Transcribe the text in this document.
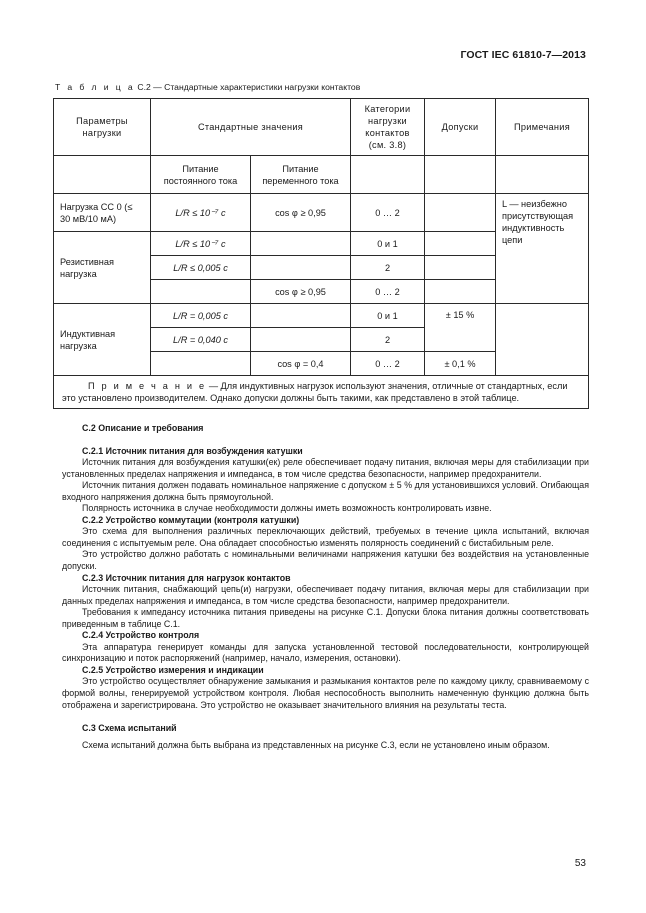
ГОСТ IEC 61810-7—2013
Т а б л и ц а С.2 — Стандартные характеристики нагрузки контактов
Параметры нагрузки	Стандартные значения		Категории нагрузки контактов (см. 3.8)	Допуски	Примечания
	Питание постоянного тока	Питание переменного тока			
Нагрузка CC 0 (≤ 30 мВ/10 мА)	L/R ≤ 10⁻⁷ с	cos φ ≥ 0,95	0 … 2		L — неизбежно присутствующая индуктивность цепи
Резистивная нагрузка	L/R ≤ 10⁻⁷ с		0 и 1		
	L/R ≤ 0,005 с		2		
		cos φ ≥ 0,95	0 … 2		
Индуктивная нагрузка	L/R = 0,005 с		0 и 1	± 15 %	
	L/R = 0,040 с		2		
		cos φ = 0,4	0 … 2	± 0,1 %	
П р и м е ч а н и е — Для индуктивных нагрузок используют значения, отличные от стандартных, если это установлено производителем. Однако допуски должны быть такими, как представлено в этой таблице.					
С.2 Описание и требования
С.2.1 Источник питания для возбуждения катушки

Источник питания для возбуждения катушки(ек) реле обеспечивает подачу питания, включая меры для стабилизации при установленных пределах напряжения и импеданса, в том числе средства безопасности, например предохранители.

Источник питания должен подавать номинальное напряжение с допуском ± 5 % для установившихся условий. Огибающая входного напряжения должна быть прямоугольной.

Полярность источника в случае необходимости должны иметь возможность контролировать извне.

С.2.2 Устройство коммутации (контроля катушки)

Это схема для выполнения различных переключающих действий, требуемых в течение цикла испытаний, включая соединения с испытуемым реле. Она обладает способностью изменять полярность соединений с бистабильным реле.

Это устройство должно работать с номинальными величинами напряжения катушки без воздействия на установленные допуски.

С.2.3 Источник питания для нагрузок контактов

Источник питания, снабжающий цепь(и) нагрузки, обеспечивает подачу питания, включая меры для стабилизации при данных пределах напряжения и импеданса, в том числе средства безопасности, например предохранители.

Требования к импедансу источника питания приведены на рисунке С.1. Допуски блока питания должны соответствовать приведенным в таблице С.1.

С.2.4 Устройство контроля

Эта аппаратура генерирует команды для запуска установленной тестовой последовательности, контролирующей синхронизацию и поток распоряжений (например, начало, измерения, остановки).

С.2.5 Устройство измерения и индикации

Это устройство осуществляет обнаружение замыкания и размыкания контактов реле по каждому циклу, сравниваемому с формой волны, генерируемой устройством контроля. Любая неспособность выполнить намеченную функцию должна быть отображена и зарегистрирована. Это устройство не оказывает значительного влияния на результаты теста.

С.3 Схема испытаний

Схема испытаний должна быть выбрана из представленных на рисунке С.3, если не установлено иным образом.

53
